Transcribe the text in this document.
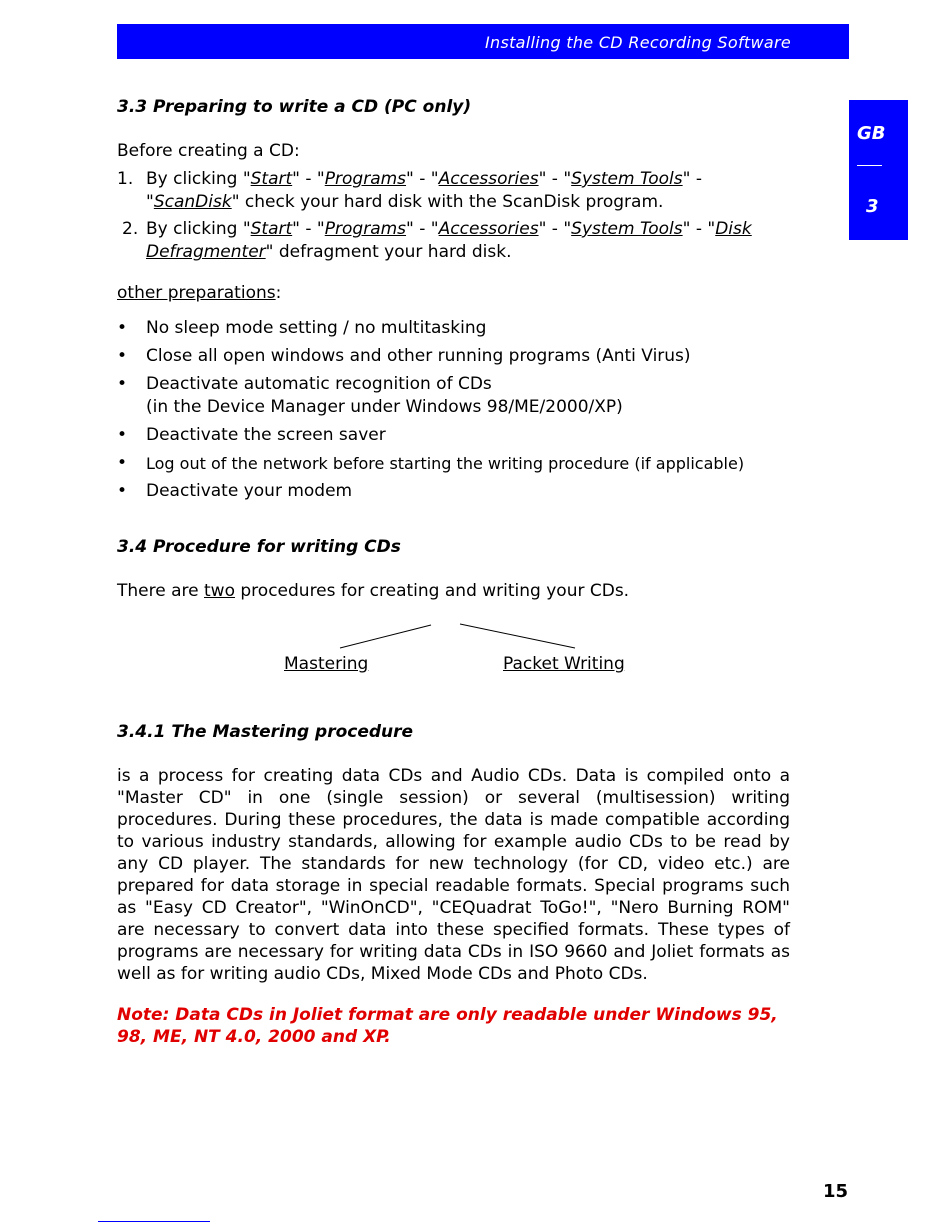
Installing the CD Recording Software
GB
3
3.3 Preparing to write a CD (PC only)
Before creating a CD:
1. By clicking "Start" - "Programs" - "Accessories" - "System Tools" - "ScanDisk" check your hard disk with the ScanDisk program.
2. By clicking "Start" - "Programs" - "Accessories" - "System Tools" - "Disk Defragmenter" defragment your hard disk.
other preparations:
• No sleep mode setting / no multitasking
• Close all open windows and other running programs (Anti Virus)
• Deactivate automatic recognition of CDs
(in the Device Manager under Windows 98/ME/2000/XP)
• Deactivate the screen saver
• Log out of the network before starting the writing procedure (if applicable)
• Deactivate your modem
3.4 Procedure for writing CDs
There are two procedures for creating and writing your CDs.
Mastering	Packet Writing
3.4.1 The Mastering procedure
is a process for creating data CDs and Audio CDs. Data is compiled onto a "Master CD" in one (single session) or several (multisession) writing procedures. During these procedures, the data is made compatible according to various industry standards, allowing for example audio CDs to be read by any CD player. The standards for new technology (for CD, video etc.) are prepared for data storage in special readable formats. Special programs such as "Easy CD Creator", "WinOnCD", "CEQuadrat ToGo!", "Nero Burning ROM" are necessary to convert data into these specified formats. These types of programs are necessary for writing data CDs in ISO 9660 and Joliet formats as well as for writing audio CDs, Mixed Mode CDs and Photo CDs.
Note: Data CDs in Joliet format are only readable under Windows 95, 98, ME, NT 4.0, 2000 and XP.
15
